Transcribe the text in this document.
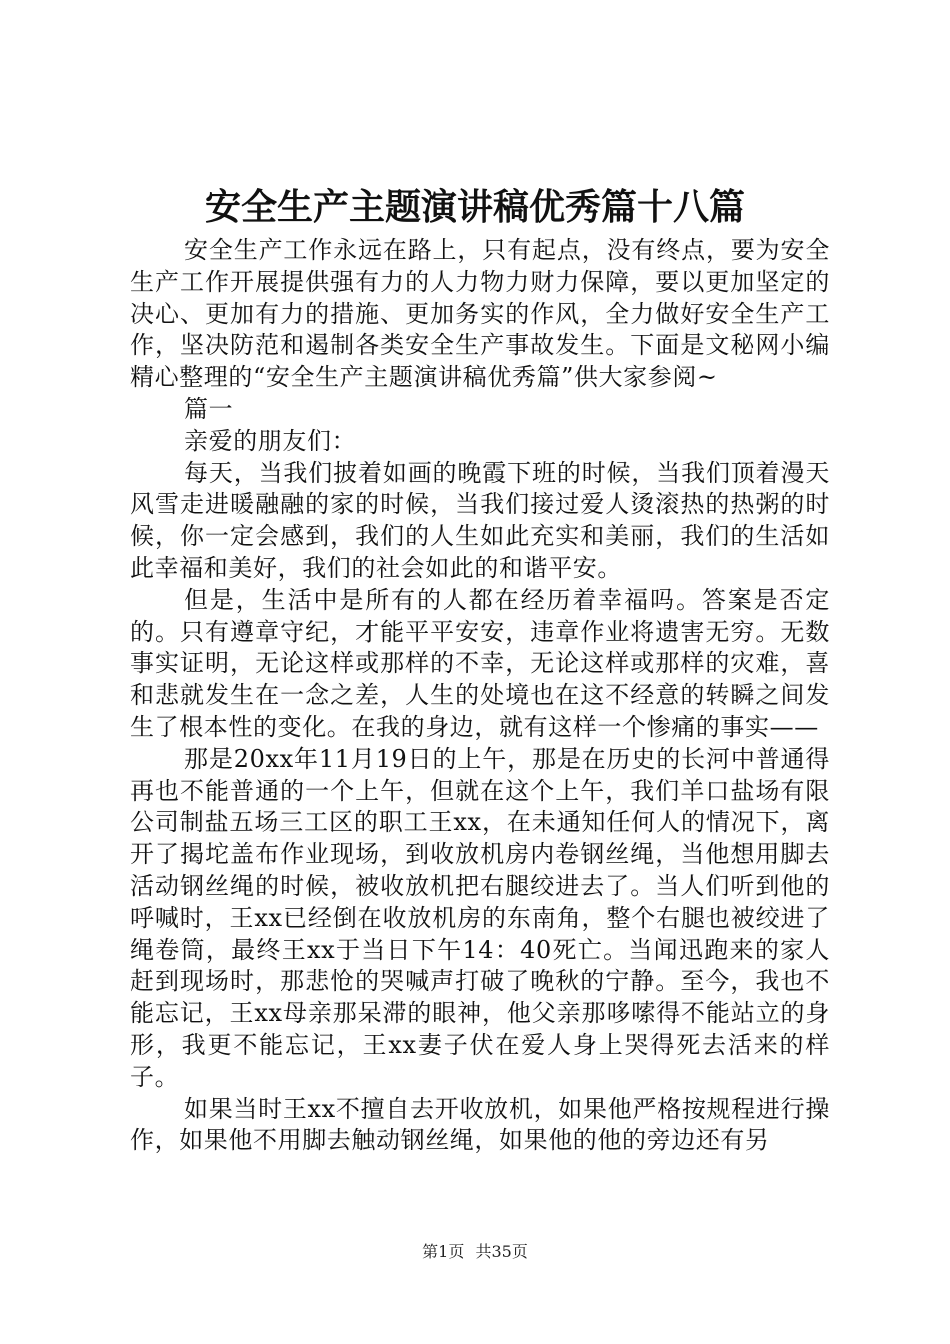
安全生产主题演讲稿优秀篇十八篇

安全生产工作永远在路上，只有起点，没有终点，要为安全生产工作开展提供强有力的人力物力财力保障，要以更加坚定的决心、更加有力的措施、更加务实的作风，全力做好安全生产工作，坚决防范和遏制各类安全生产事故发生。下面是文秘网小编精心整理的“安全生产主题演讲稿优秀篇”供大家参阅~

篇一

亲爱的朋友们：

每天，当我们披着如画的晚霞下班的时候，当我们顶着漫天风雪走进暖融融的家的时候，当我们接过爱人烫滚热的热粥的时候，你一定会感到，我们的人生如此充实和美丽，我们的生活如此幸福和美好，我们的社会如此的和谐平安。

但是，生活中是所有的人都在经历着幸福吗。答案是否定的。只有遵章守纪，才能平平安安，违章作业将遗害无穷。无数事实证明，无论这样或那样的不幸，无论这样或那样的灾难，喜和悲就发生在一念之差，人生的处境也在这不经意的转瞬之间发生了根本性的变化。在我的身边，就有这样一个惨痛的事实——

那是20xx年11月19日的上午，那是在历史的长河中普通得再也不能普通的一个上午，但就在这个上午，我们羊口盐场有限公司制盐五场三工区的职工王xx，在未通知任何人的情况下，离开了揭坨盖布作业现场，到收放机房内卷钢丝绳，当他想用脚去活动钢丝绳的时候，被收放机把右腿绞进去了。当人们听到他的呼喊时，王xx已经倒在收放机房的东南角，整个右腿也被绞进了绳卷筒，最终王xx于当日下午14：40死亡。当闻迅跑来的家人赶到现场时，那悲怆的哭喊声打破了晚秋的宁静。至今，我也不能忘记，王xx母亲那呆滞的眼神，他父亲那哆嗦得不能站立的身形，我更不能忘记，王xx妻子伏在爱人身上哭得死去活来的样子。

如果当时王xx不擅自去开收放机，如果他严格按规程进行操作，如果他不用脚去触动钢丝绳，如果他的他的旁边还有另

第1页 共35页
